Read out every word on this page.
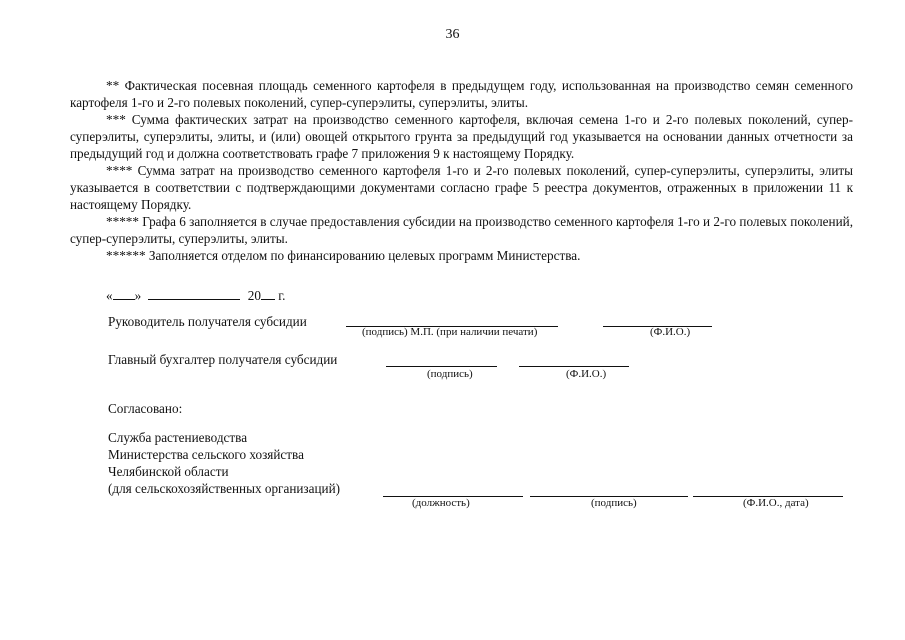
36

** Фактическая посевная площадь семенного картофеля в предыдущем году, использованная на производство семян семенного картофеля 1-го и 2-го полевых поколений, супер-суперэлиты, суперэлиты, элиты.

*** Сумма фактических затрат на производство семенного картофеля, включая семена 1-го и 2-го полевых поколений, супер-суперэлиты, суперэлиты, элиты, и (или) овощей открытого грунта за предыдущий год указывается на основании данных отчетности за предыдущий год и должна соответствовать графе 7 приложения 9 к настоящему Порядку.

**** Сумма затрат на производство семенного картофеля 1-го и 2-го полевых поколений, супер-суперэлиты, суперэлиты, элиты указывается в соответствии с подтверждающими документами согласно графе 5 реестра документов, отраженных в приложении 11 к настоящему Порядку.

***** Графа 6 заполняется в случае предоставления субсидии на производство семенного картофеля 1-го и 2-го полевых поколений, супер-суперэлиты, суперэлиты, элиты.

****** Заполняется отделом по финансированию целевых программ Министерства.

« »	20 г.
Руководитель получателя субсидии
(подпись) М.П. (при наличии печати)	(Ф.И.О.)
Главный бухгалтер получателя субсидии
(подпись)	(Ф.И.О.)
Согласовано:
Служба растениеводства
Министерства сельского хозяйства
Челябинской области
(для сельскохозяйственных организаций)
(должность)	(подпись)	(Ф.И.О., дата)
